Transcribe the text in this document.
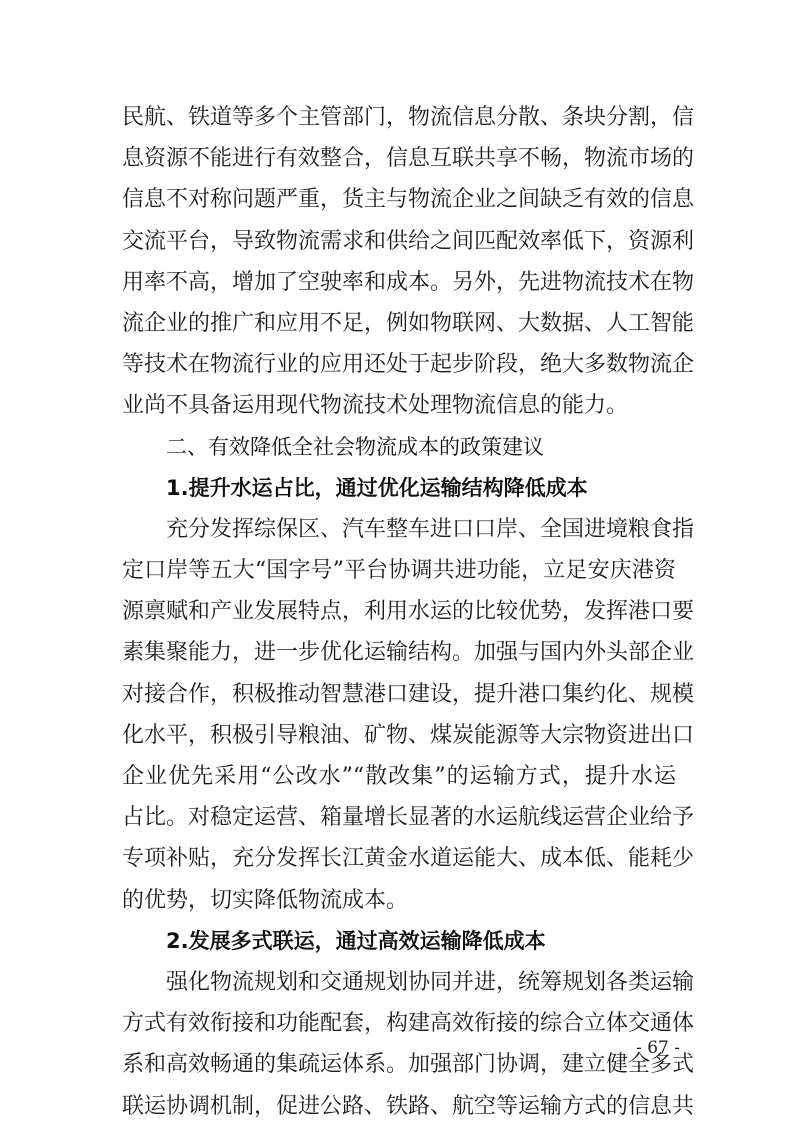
民航、铁道等多个主管部门，物流信息分散、条块分割，信
息资源不能进行有效整合，信息互联共享不畅，物流市场的
信息不对称问题严重，货主与物流企业之间缺乏有效的信息
交流平台，导致物流需求和供给之间匹配效率低下，资源利
用率不高，增加了空驶率和成本。另外，先进物流技术在物
流企业的推广和应用不足，例如物联网、大数据、人工智能
等技术在物流行业的应用还处于起步阶段，绝大多数物流企
业尚不具备运用现代物流技术处理物流信息的能力。
二、有效降低全社会物流成本的政策建议
1.提升水运占比，通过优化运输结构降低成本
充分发挥综保区、汽车整车进口口岸、全国进境粮食指
定口岸等五大“国字号”平台协调共进功能，立足安庆港资
源禀赋和产业发展特点，利用水运的比较优势，发挥港口要
素集聚能力，进一步优化运输结构。加强与国内外头部企业
对接合作，积极推动智慧港口建设，提升港口集约化、规模
化水平，积极引导粮油、矿物、煤炭能源等大宗物资进出口
企业优先采用“公改水”“散改集”的运输方式，提升水运
占比。对稳定运营、箱量增长显著的水运航线运营企业给予
专项补贴，充分发挥长江黄金水道运能大、成本低、能耗少
的优势，切实降低物流成本。
2.发展多式联运，通过高效运输降低成本
强化物流规划和交通规划协同并进，统筹规划各类运输
方式有效衔接和功能配套，构建高效衔接的综合立体交通体
系和高效畅通的集疏运体系。加强部门协调，建立健全多式
联运协调机制，促进公路、铁路、航空等运输方式的信息共
- 67 -
